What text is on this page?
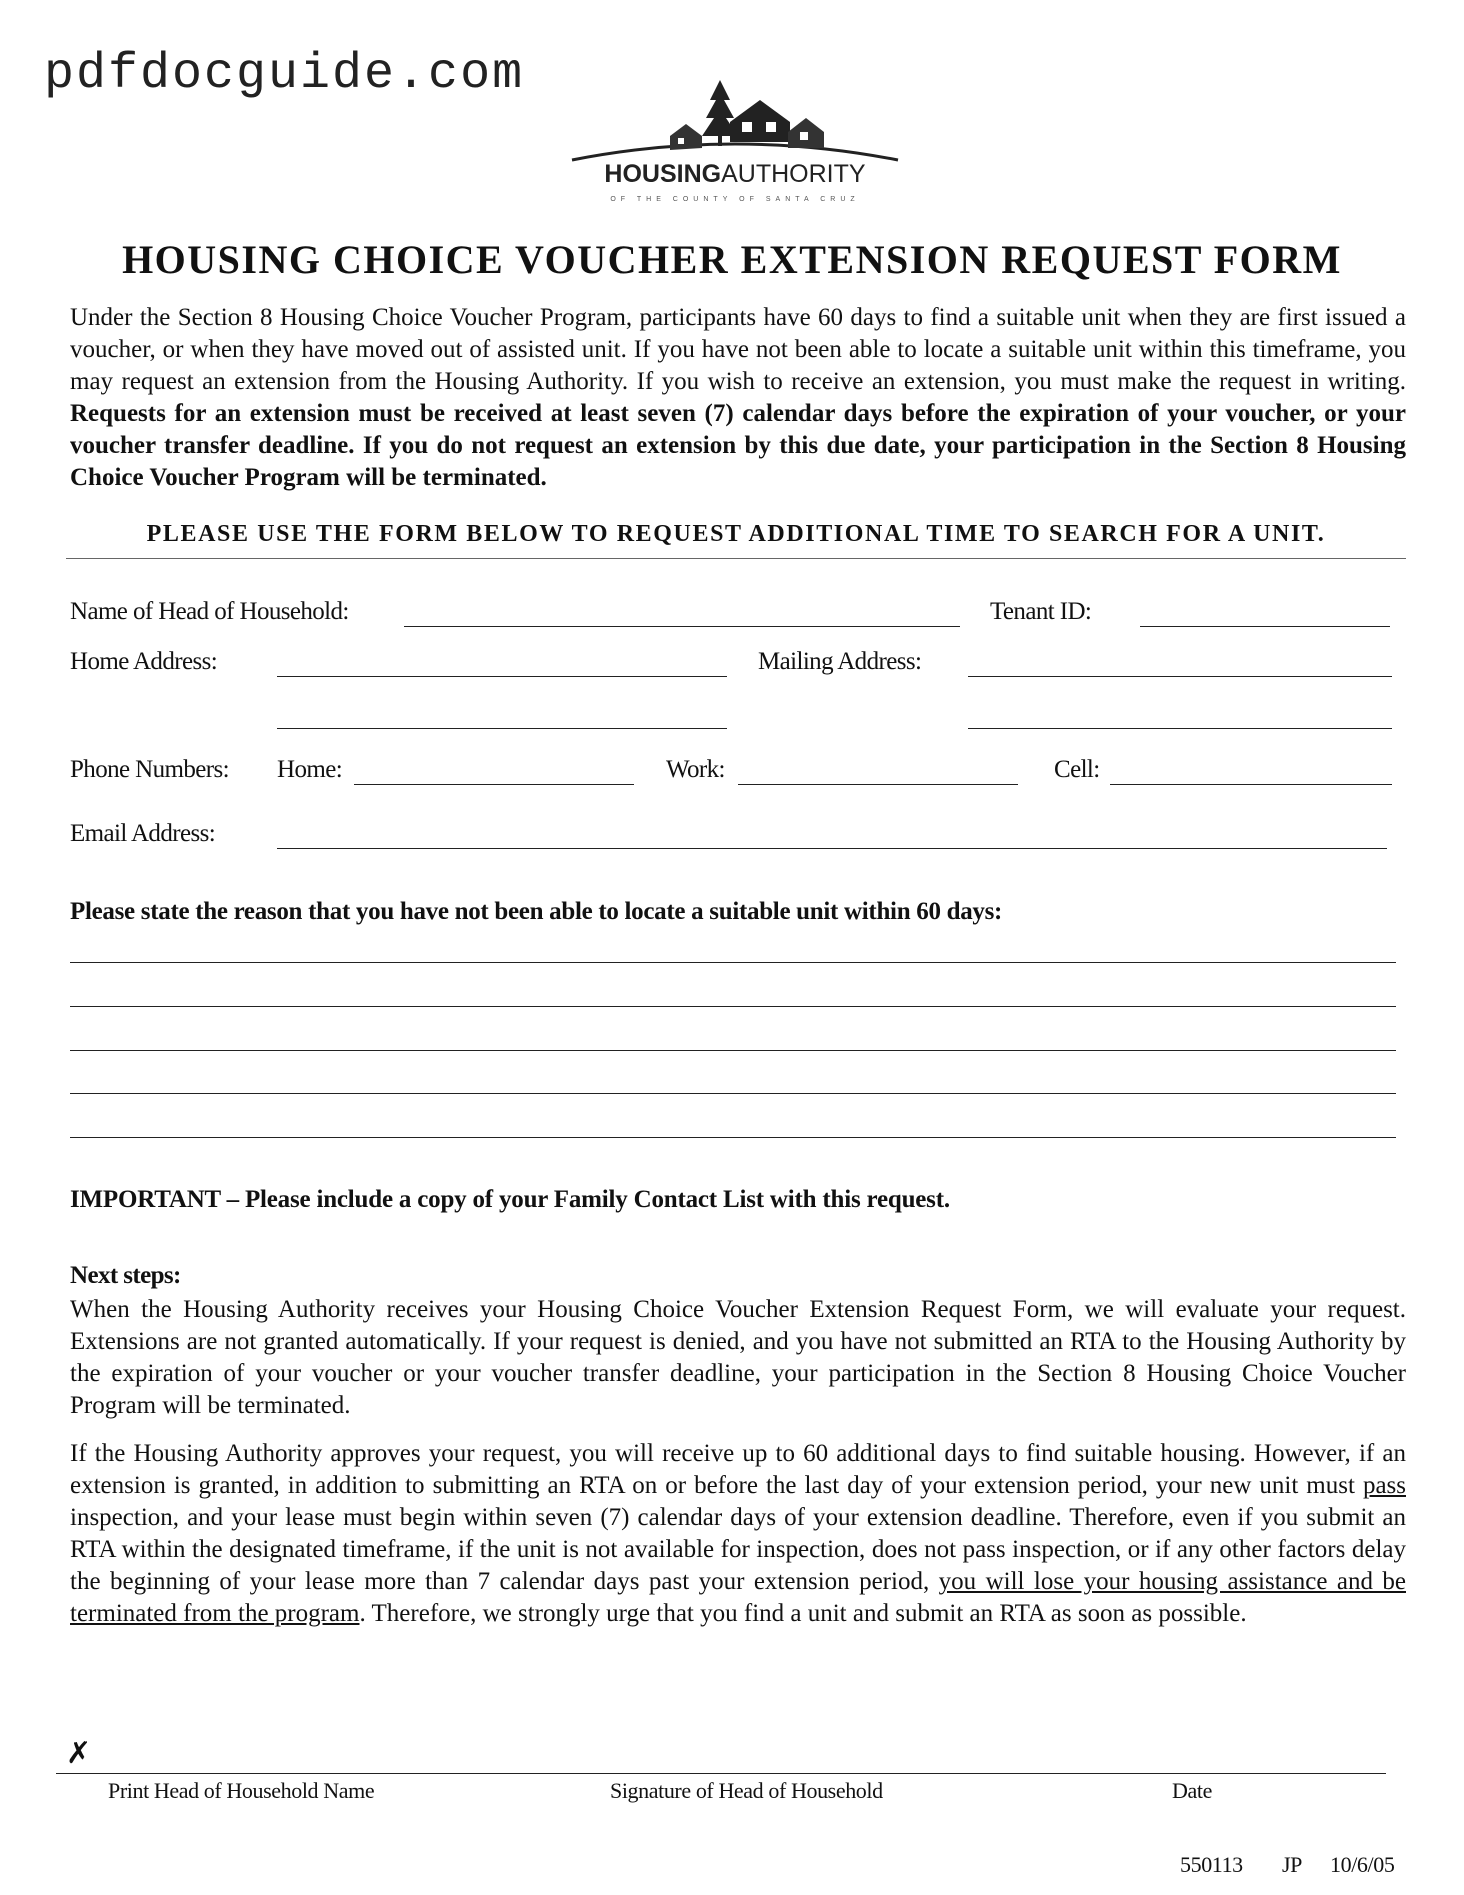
pdfdocguide.com
HOUSINGAUTHORITY
OF THE COUNTY OF SANTA CRUZ
HOUSING CHOICE VOUCHER EXTENSION REQUEST FORM
Under the Section 8 Housing Choice Voucher Program, participants have 60 days to find a suitable unit when they are first issued a voucher, or when they have moved out of assisted unit. If you have not been able to locate a suitable unit within this timeframe, you may request an extension from the Housing Authority. If you wish to receive an extension, you must make the request in writing. Requests for an extension must be received at least seven (7) calendar days before the expiration of your voucher, or your voucher transfer deadline. If you do not request an extension by this due date, your participation in the Section 8 Housing Choice Voucher Program will be terminated.
PLEASE USE THE FORM BELOW TO REQUEST ADDITIONAL TIME TO SEARCH FOR A UNIT.
Name of Head of Household:	Tenant ID:
Home Address:	Mailing Address:
Phone Numbers: Home:	Work:	Cell:
Email Address:
Please state the reason that you have not been able to locate a suitable unit within 60 days:
IMPORTANT – Please include a copy of your Family Contact List with this request.
Next steps:
When the Housing Authority receives your Housing Choice Voucher Extension Request Form, we will evaluate your request. Extensions are not granted automatically. If your request is denied, and you have not submitted an RTA to the Housing Authority by the expiration of your voucher or your voucher transfer deadline, your participation in the Section 8 Housing Choice Voucher Program will be terminated.
If the Housing Authority approves your request, you will receive up to 60 additional days to find suitable housing. However, if an extension is granted, in addition to submitting an RTA on or before the last day of your extension period, your new unit must pass inspection, and your lease must begin within seven (7) calendar days of your extension deadline. Therefore, even if you submit an RTA within the designated timeframe, if the unit is not available for inspection, does not pass inspection, or if any other factors delay the beginning of your lease more than 7 calendar days past your extension period, you will lose your housing assistance and be terminated from the program. Therefore, we strongly urge that you find a unit and submit an RTA as soon as possible.
✗
Print Head of Household Name	Signature of Head of Household	Date
550113 JP 10/6/05
